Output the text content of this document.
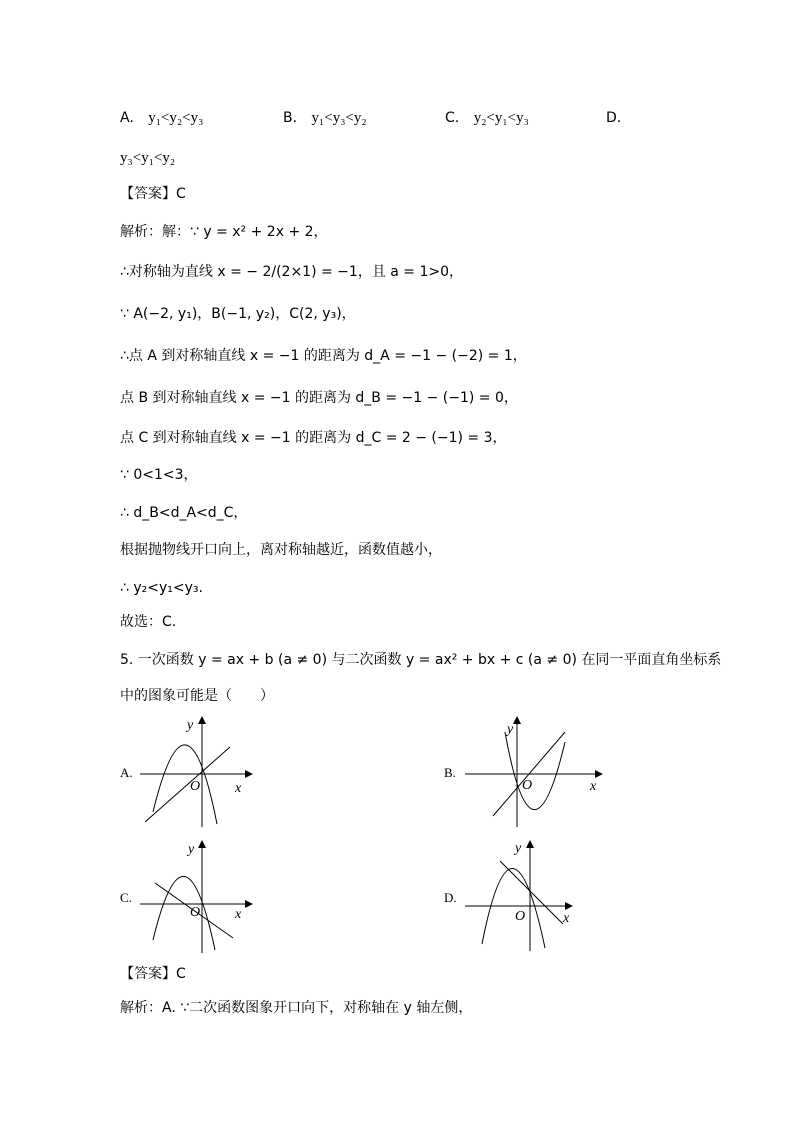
A. y₁<y₂<y₃	B. y₁<y₃<y₂	C. y₂<y₁<y₃	D.
y₃<y₁<y₂
【答案】C
解析：解：∵ y = x² + 2x + 2，
∴对称轴为直线 x = − 2/(2×1) = −1，且 a = 1>0，
∵ A(−2, y₁)，B(−1, y₂)，C(2, y₃)，
∴点 A 到对称轴直线 x = −1 的距离为 d_A = −1 − (−2) = 1，
点 B 到对称轴直线 x = −1 的距离为 d_B = −1 − (−1) = 0，
点 C 到对称轴直线 x = −1 的距离为 d_C = 2 − (−1) = 3，
∵ 0<1<3，
∴ d_B<d_A<d_C，
根据抛物线开口向上，离对称轴越近，函数值越小，
∴ y₂<y₁<y₃.
故选：C.
5. 一次函数 y = ax + b (a ≠ 0) 与二次函数 y = ax² + bx + c (a ≠ 0) 在同一平面直角坐标系
中的图象可能是（　　）
A.
y
x
O
B.
y
x
O
C.
y
x
O
D.
y
x
O
【答案】C
解析：A. ∵二次函数图象开口向下，对称轴在 y 轴左侧，
